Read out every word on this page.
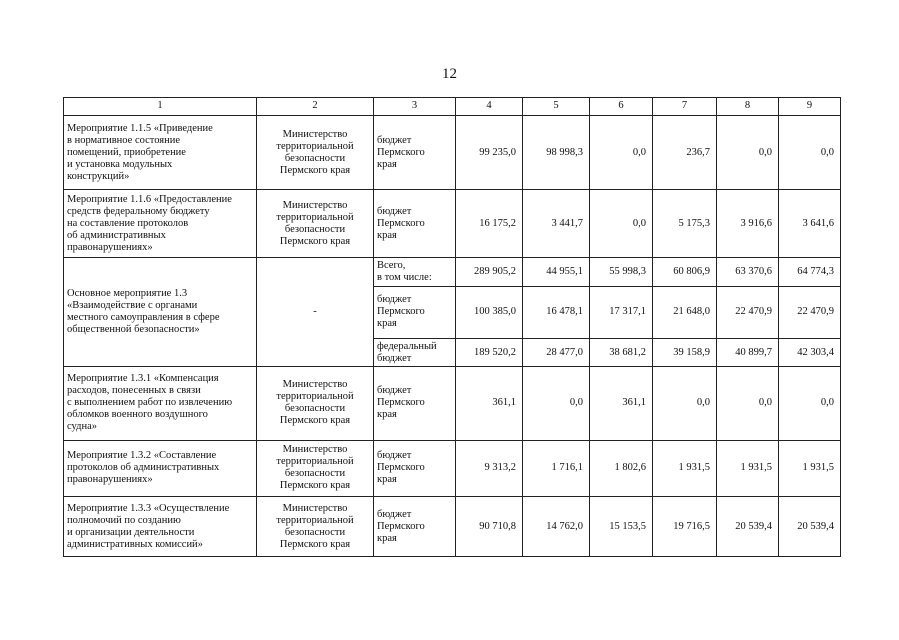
12
1	2	3	4	5	6	7	8	9
Мероприятие 1.1.5 «Приведение
в нормативное состояние
помещений, приобретение
и установка модульных
конструкций»	Министерство
территориальной
безопасности
Пермского края	бюджет
Пермского
края	99 235,0	98 998,3	0,0	236,7	0,0	0,0
Мероприятие 1.1.6 «Предоставление
средств федеральному бюджету
на составление протоколов
об административных
правонарушениях»	Министерство
территориальной
безопасности
Пермского края	бюджет
Пермского
края	16 175,2	3 441,7	0,0	5 175,3	3 916,6	3 641,6
Основное мероприятие 1.3
«Взаимодействие с органами
местного самоуправления в сфере
общественной безопасности»	-	Всего,
в том числе:	289 905,2	44 955,1	55 998,3	60 806,9	63 370,6	64 774,3
		бюджет
Пермского
края	100 385,0	16 478,1	17 317,1	21 648,0	22 470,9	22 470,9
		федеральный
бюджет	189 520,2	28 477,0	38 681,2	39 158,9	40 899,7	42 303,4
Мероприятие 1.3.1 «Компенсация
расходов, понесенных в связи
с выполнением работ по извлечению
обломков военного воздушного
судна»	Министерство
территориальной
безопасности
Пермского края	бюджет
Пермского
края	361,1	0,0	361,1	0,0	0,0	0,0
Мероприятие 1.3.2 «Составление
протоколов об административных
правонарушениях»	Министерство
территориальной
безопасности
Пермского края	бюджет
Пермского
края	9 313,2	1 716,1	1 802,6	1 931,5	1 931,5	1 931,5
Мероприятие 1.3.3 «Осуществление
полномочий по созданию
и организации деятельности
административных комиссий»	Министерство
территориальной
безопасности
Пермского края	бюджет
Пермского
края	90 710,8	14 762,0	15 153,5	19 716,5	20 539,4	20 539,4
